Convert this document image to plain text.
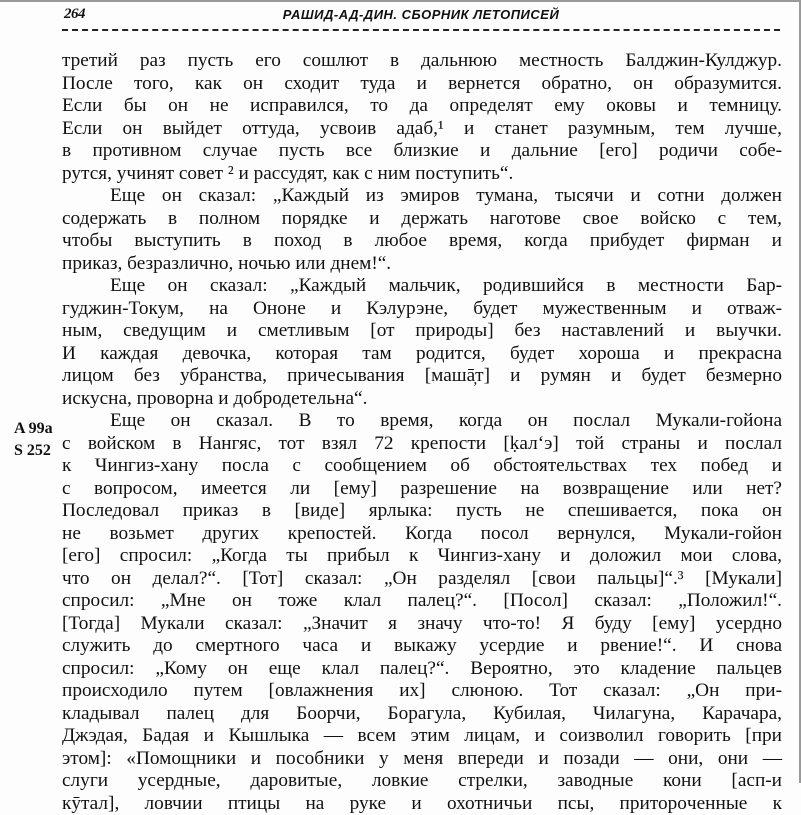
264	РАШИД-АД-ДИН. СБОРНИК ЛЕТОПИСЕЙ
A 99a
S 252
третий раз пусть его сошлют в дальнюю местность Балджин-Кулджур.
После того, как он сходит туда и вернется обратно, он образумится.
Если бы он не исправился, то да определят ему оковы и темницу.
Если он выйдет оттуда, усвоив адаб,¹ и станет разумным, тем лучше,
в противном случае пусть все близкие и дальние [его] родичи собе-
рутся, учинят совет ² и рассудят, как с ним поступить“.
Еще он сказал: „Каждый из эмиров тумана, тысячи и сотни должен
содержать в полном порядке и держать наготове свое войско с тем,
чтобы выступить в поход в любое время, когда прибудет фирман и
приказ, безразлично, ночью или днем!“.
Еще он сказал: „Каждый мальчик, родившийся в местности Бар-
гуджин-Токум, на Ононе и Кэлурэне, будет мужественным и отваж-
ным, сведущим и сметливым [от природы] без наставлений и выучки.
И каждая девочка, которая там родится, будет хороша и прекрасна
лицом без убранства, причесывания [машā̦т] и румян и будет безмерно
искусна, проворна и добродетельна“.
Еще он сказал. В то время, когда он послал Мукали-гойона
с войском в Нангяс, тот взял 72 крепости [ḳал‘э] той страны и послал
к Чингиз-хану посла с сообщением об обстоятельствах тех побед и
с вопросом, имеется ли [ему] разрешение на возвращение или нет?
Последовал приказ в [виде] ярлыка: пусть не спешивается, пока он
не возьмет других крепостей. Когда посол вернулся, Мукали-гойон
[его] спросил: „Когда ты прибыл к Чингиз-хану и доложил мои слова,
что он делал?“. [Тот] сказал: „Он разделял [свои пальцы]“.³ [Мукали]
спросил: „Мне он тоже клал палец?“. [Посол] сказал: „Положил!“.
[Тогда] Мукали сказал: „Значит я значу что-то! Я буду [ему] усердно
служить до смертного часа и выкажу усердие и рвение!“. И снова
спросил: „Кому он еще клал палец?“. Вероятно, это кладение пальцев
происходило путем [овлажнения их] слюною. Тот сказал: „Он при-
кладывал палец для Боорчи, Борагула, Кубилая, Чилагуна, Карачара,
Джэдая, Бадая и Кышлыка — всем этим лицам, и соизволил говорить [при
этом]: «Помощники и пособники у меня впереди и позади — они, они —
слуги усердные, даровитые, ловкие стрелки, заводные кони [асп-и
кӯтал], ловчии птицы на руке и охотничьи псы, приторoченные к
